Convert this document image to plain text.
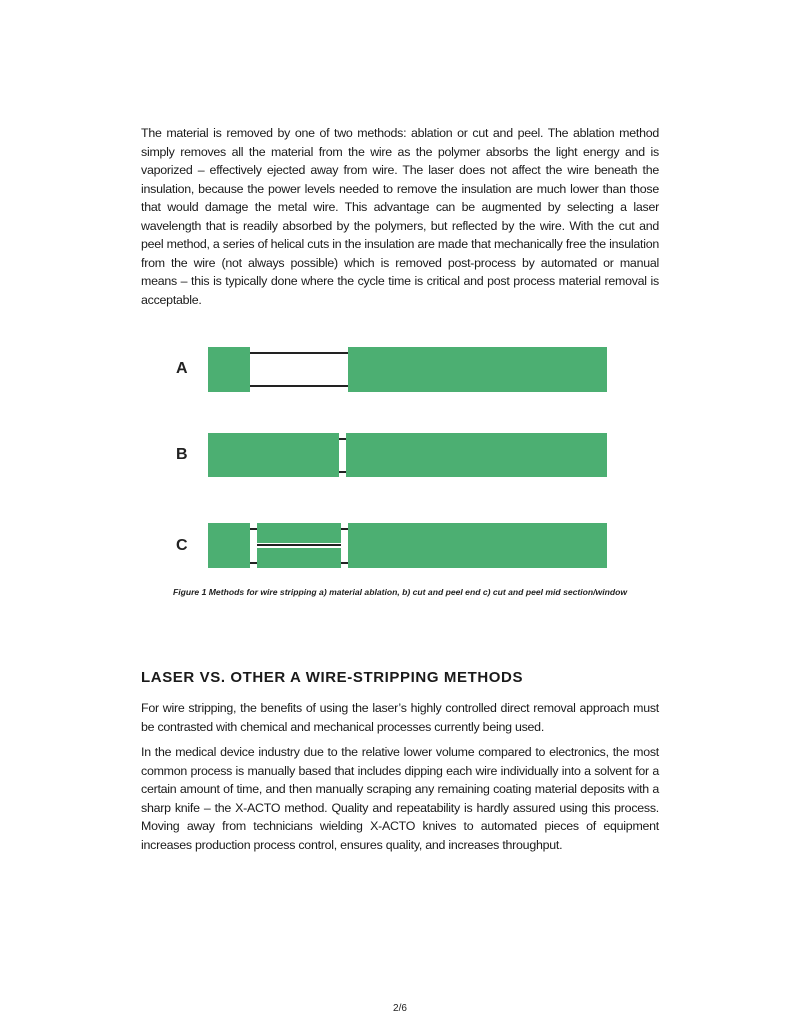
The material is removed by one of two methods: ablation or cut and peel. The ablation method simply removes all the material from the wire as the polymer absorbs the light energy and is vaporized – effectively ejected away from wire. The laser does not affect the wire beneath the insulation, because the power levels needed to remove the insulation are much lower than those that would damage the metal wire. This advantage can be augmented by selecting a laser wavelength that is readily absorbed by the polymers, but reflected by the wire. With the cut and peel method, a series of helical cuts in the insulation are made that mechanically free the insulation from the wire (not always possible) which is removed post-process by automated or manual means – this is typically done where the cycle time is critical and post process material removal is acceptable.
A
B
C
Figure 1 Methods for wire stripping a) material ablation, b) cut and peel end c) cut and peel mid section/window
LASER VS. OTHER A WIRE-STRIPPING METHODS
For wire stripping, the benefits of using the laser’s highly controlled direct removal approach must be contrasted with chemical and mechanical processes currently being used.
In the medical device industry due to the relative lower volume compared to electronics, the most common process is manually based that includes dipping each wire individually into a solvent for a certain amount of time, and then manually scraping any remaining coating material deposits with a sharp knife – the X-ACTO method. Quality and repeatability is hardly assured using this process. Moving away from technicians wielding X-ACTO knives to automated pieces of equipment increases production process control, ensures quality, and increases throughput.
2/6
